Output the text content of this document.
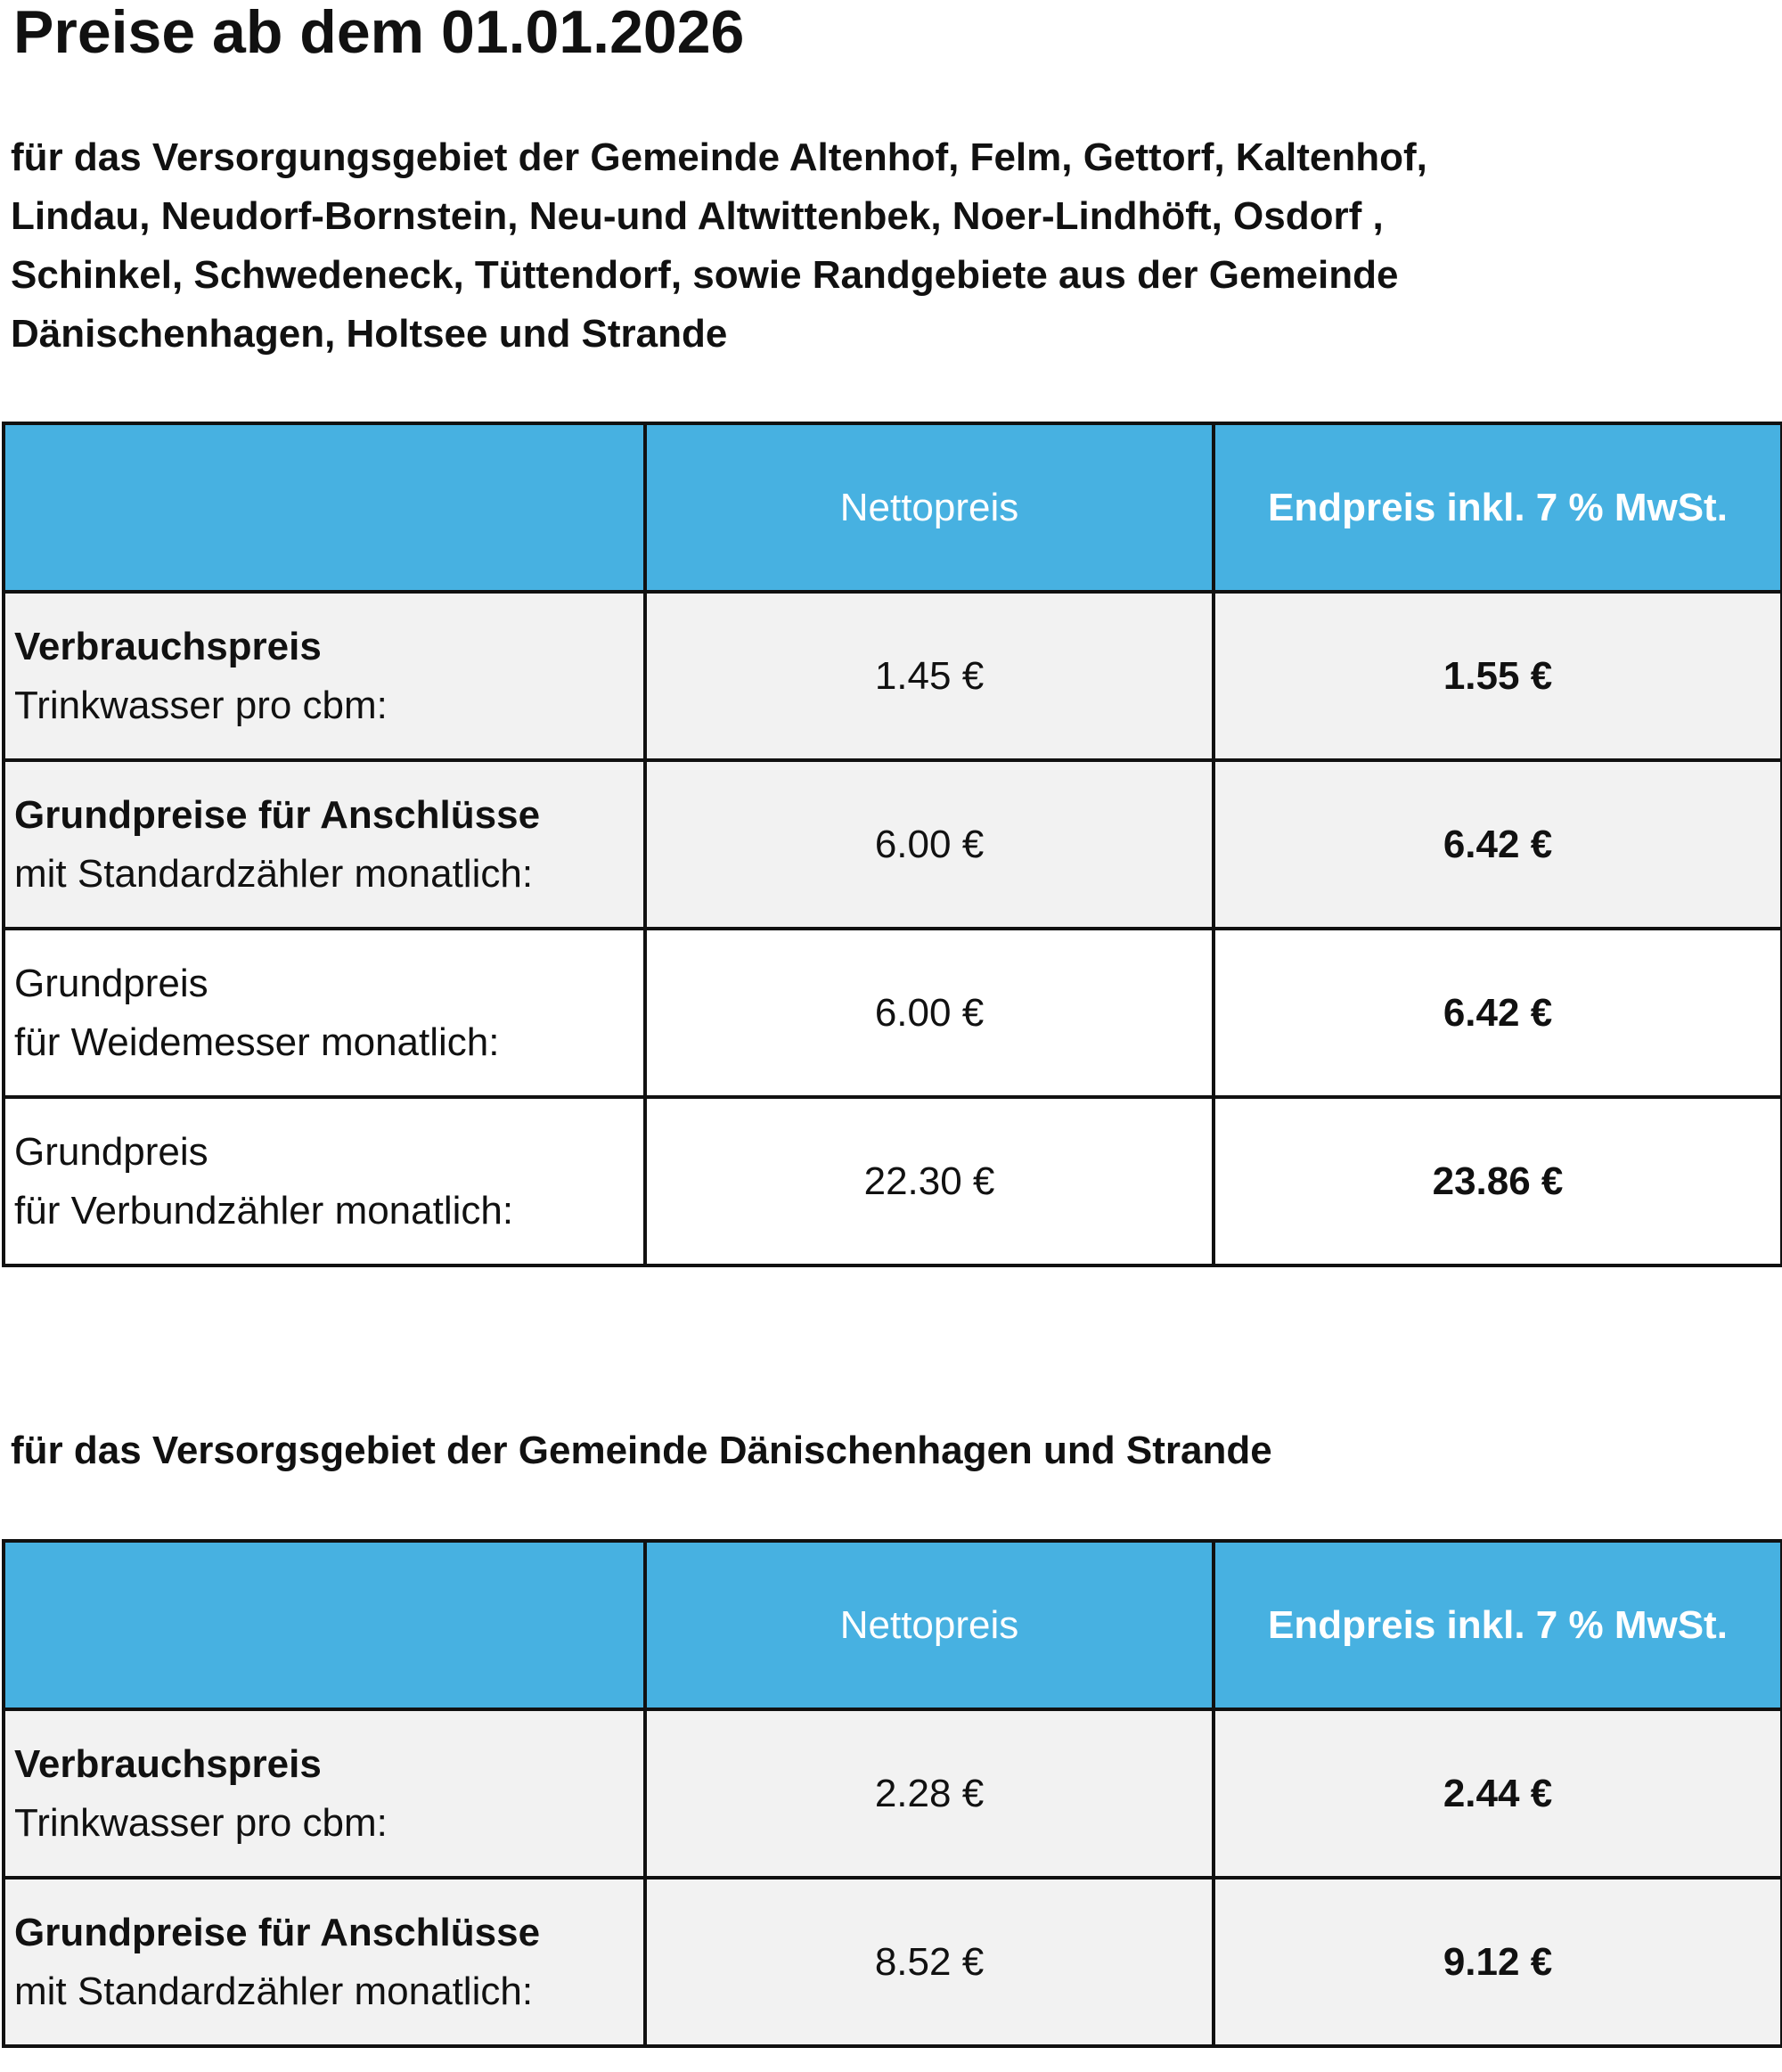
Preise ab dem 01.01.2026

für das Versorgungsgebiet der Gemeinde Altenhof, Felm, Gettorf, Kaltenhof,
Lindau, Neudorf-Bornstein, Neu-und Altwittenbek, Noer-Lindhöft, Osdorf ,
Schinkel, Schwedeneck, Tüttendorf, sowie Randgebiete aus der Gemeinde
Dänischenhagen, Holtsee und Strande

	Nettopreis	Endpreis inkl. 7 % MwSt.

Verbrauchspreis
Trinkwasser pro cbm:	1.45 €	1.55 €

Grundpreise für Anschlüsse
mit Standardzähler monatlich:	6.00 €	6.42 €

Grundpreis
für Weidemesser monatlich:	6.00 €	6.42 €

Grundpreis
für Verbundzähler monatlich:	22.30 €	23.86 €

für das Versorgsgebiet der Gemeinde Dänischenhagen und Strande

	Nettopreis	Endpreis inkl. 7 % MwSt.

Verbrauchspreis
Trinkwasser pro cbm:	2.28 €	2.44 €

Grundpreise für Anschlüsse
mit Standardzähler monatlich:	8.52 €	9.12 €
